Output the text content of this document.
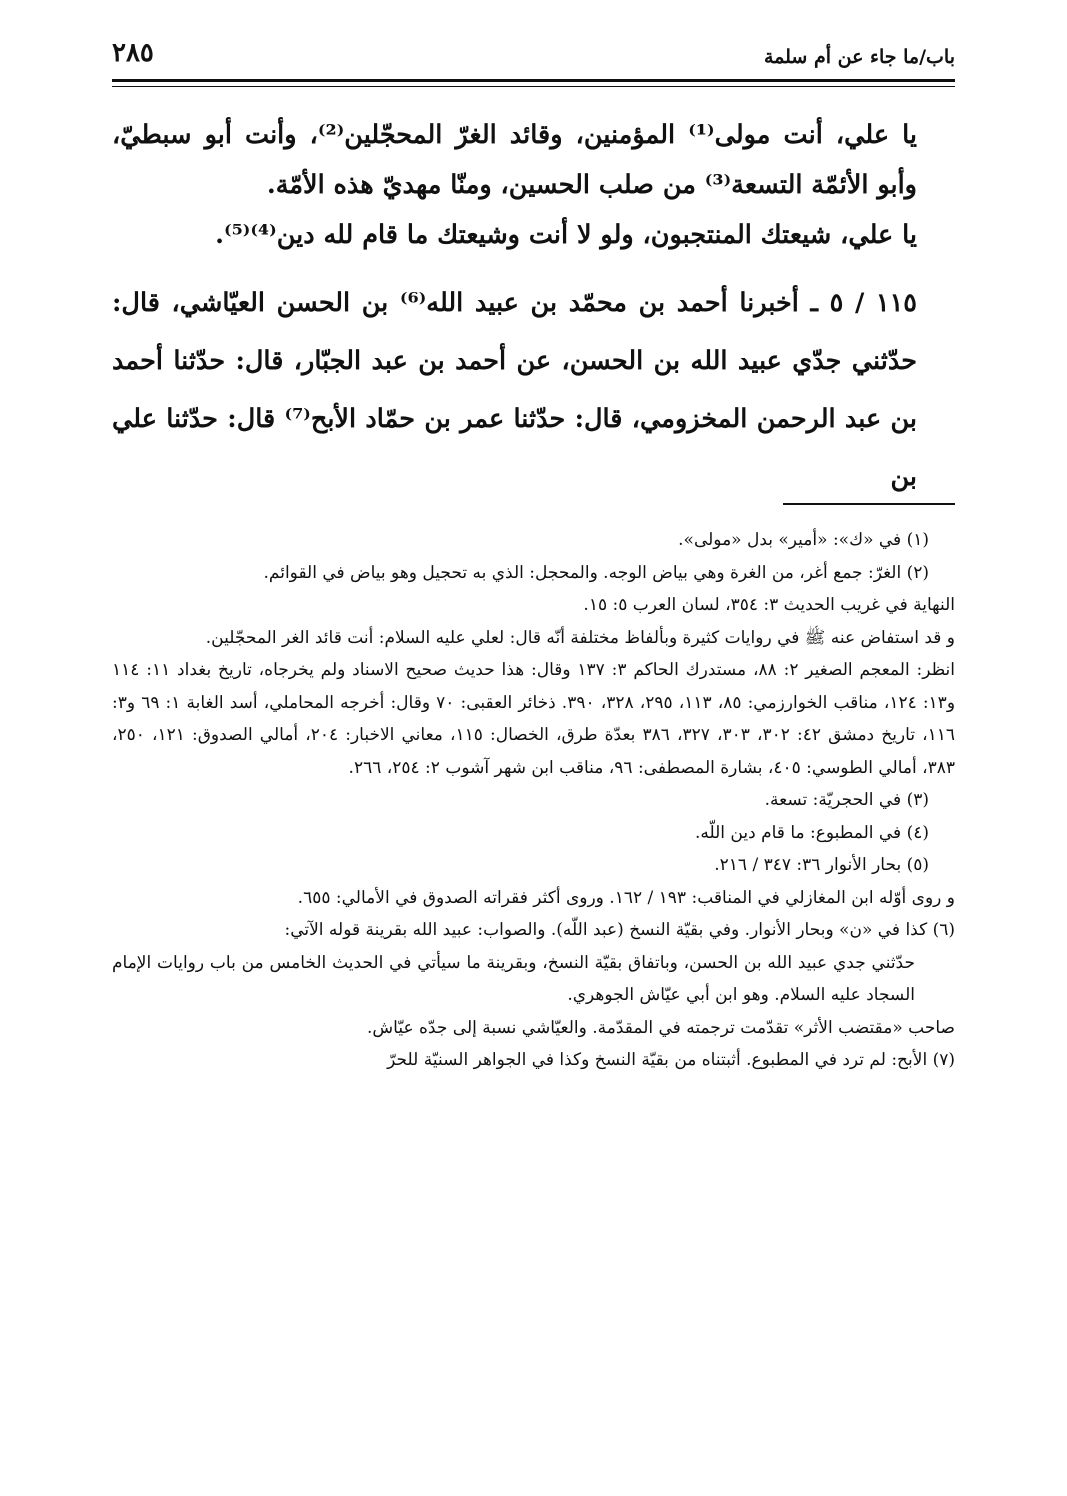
باب/ما جاء عن أم سلمة
٢٨٥

يا علي، أنت مولى⁽¹⁾ المؤمنين، وقائد الغرّ المحجّلين⁽²⁾، وأنت أبو سبطيّ، وأبو الأئمّة التسعة⁽³⁾ من صلب الحسين، ومنّا مهديّ هذه الأمّة.

يا علي، شيعتك المنتجبون، ولو لا أنت وشيعتك ما قام لله دين⁽⁴⁾⁽⁵⁾.

١١٥ / ٥ ـ أخبرنا أحمد بن محمّد بن عبيد الله⁽⁶⁾ بن الحسن العيّاشي، قال: حدّثني جدّي عبيد الله بن الحسن، عن أحمد بن عبد الجبّار، قال: حدّثنا أحمد بن عبد الرحمن المخزومي، قال: حدّثنا عمر بن حمّاد الأبح⁽⁷⁾ قال: حدّثنا علي بن

(١) في «ك»: «أمير» بدل «مولى».

(٢) الغرّ: جمع أغر، من الغرة وهي بياض الوجه. والمحجل: الذي به تحجيل وهو بياض في القوائم.

النهاية في غريب الحديث ٣: ٣٥٤، لسان العرب ٥: ١٥.

و قد استفاض عنه ﷺ في روايات كثيرة وبألفاظ مختلفة أنّه قال: لعلي عليه السلام: أنت قائد الغر المحجّلين.

انظر: المعجم الصغير ٢: ٨٨، مستدرك الحاكم ٣: ١٣٧ وقال: هذا حديث صحيح الاسناد ولم يخرجاه، تاريخ بغداد ١١: ١١٤ و١٣: ١٢٤، مناقب الخوارزمي: ٨٥، ١١٣، ٢٩٥، ٣٢٨، ٣٩٠. ذخائر العقبى: ٧٠ وقال: أخرجه المحاملي، أسد الغابة ١: ٦٩ و٣: ١١٦، تاريخ دمشق ٤٢: ٣٠٢، ٣٠٣، ٣٢٧، ٣٨٦ بعدّة طرق، الخصال: ١١٥، معاني الاخبار: ٢٠٤، أمالي الصدوق: ١٢١، ٢٥٠، ٣٨٣، أمالي الطوسي: ٤٠٥، بشارة المصطفى: ٩٦، مناقب ابن شهر آشوب ٢: ٢٥٤، ٢٦٦.

(٣) في الحجريّة: تسعة.

(٤) في المطبوع: ما قام دين اللّه.

(٥) بحار الأنوار ٣٦: ٣٤٧ / ٢١٦.

و روى أوّله ابن المغازلي في المناقب: ١٩٣ / ١٦٢. وروى أكثر فقراته الصدوق في الأمالي: ٦٥٥.

(٦) كذا في «ن» وبحار الأنوار. وفي بقيّة النسخ (عبد اللّه). والصواب: عبيد الله بقرينة قوله الآتي:

حدّثني جدي عبيد الله بن الحسن، وباتفاق بقيّة النسخ، وبقرينة ما سيأتي في الحديث الخامس من باب روايات الإمام السجاد عليه السلام. وهو ابن أبي عيّاش الجوهري.

صاحب «مقتضب الأثر» تقدّمت ترجمته في المقدّمة. والعيّاشي نسبة إلى جدّه عيّاش.

(٧) الأبح: لم ترد في المطبوع. أثبتناه من بقيّة النسخ وكذا في الجواهر السنيّة للحرّ
